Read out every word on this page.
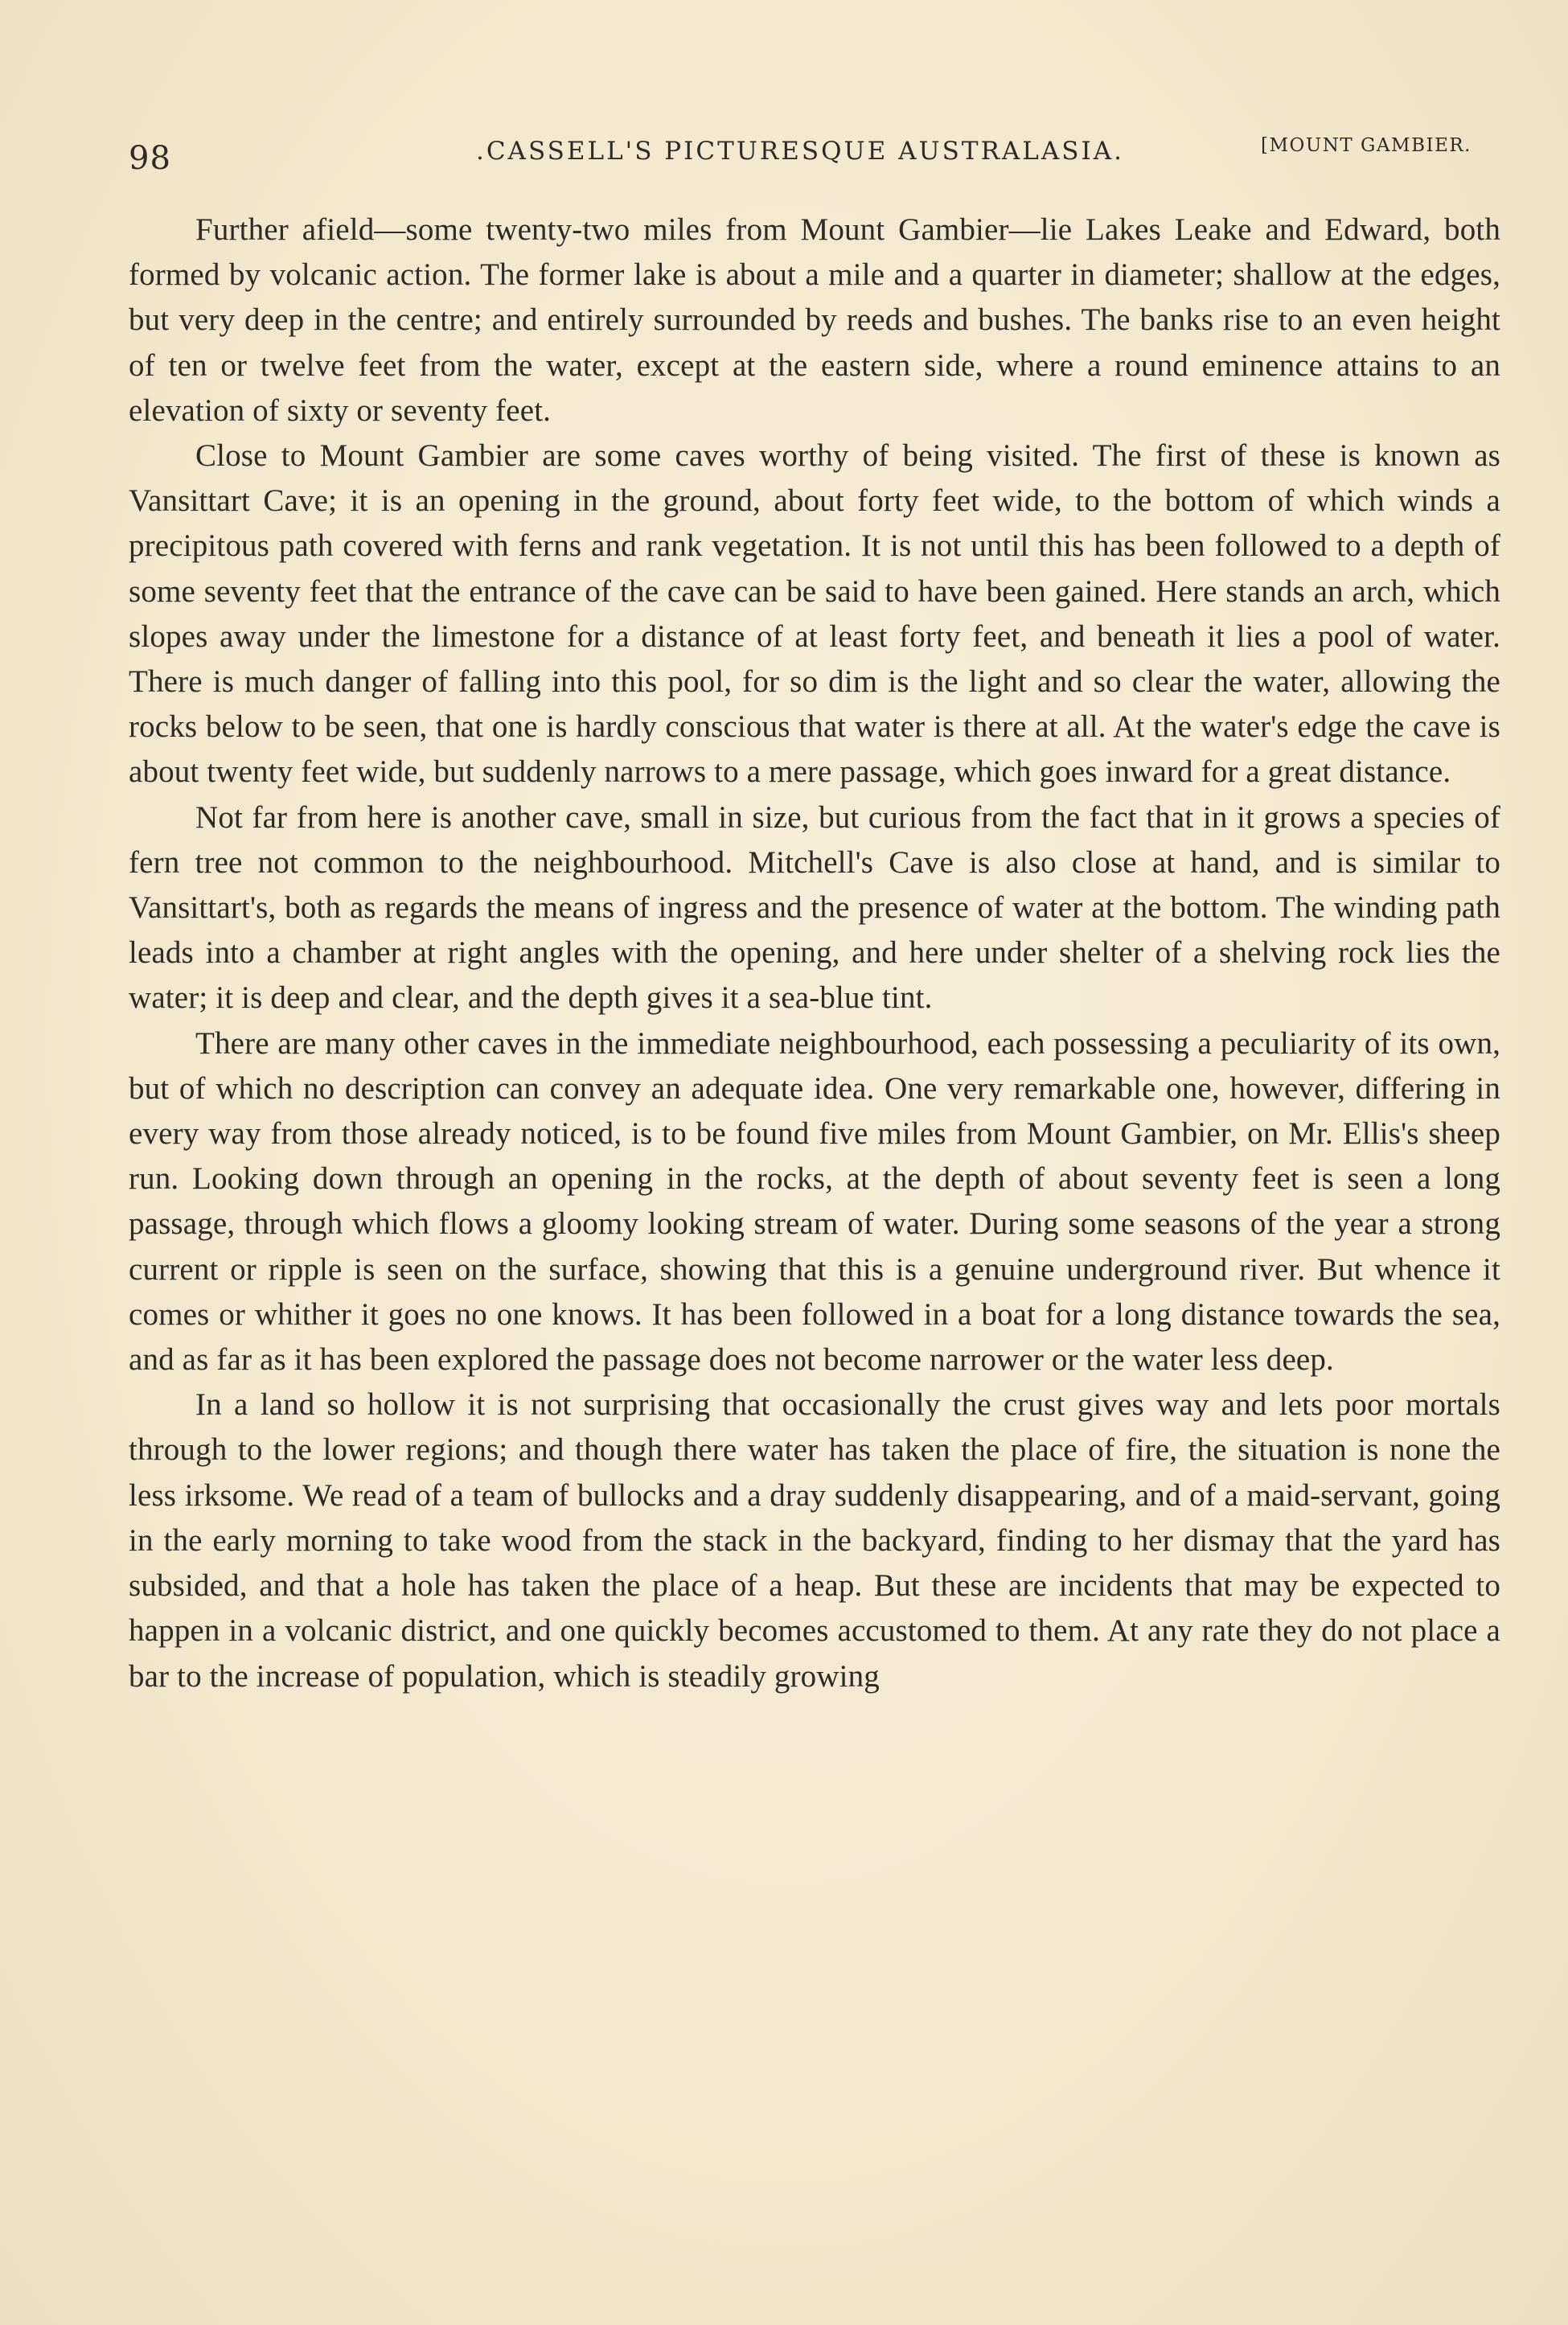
98	.CASSELL'S PICTURESQUE AUSTRALASIA.	[MOUNT GAMBIER.

Further afield—some twenty-two miles from Mount Gambier—lie Lakes Leake and Edward, both formed by volcanic action. The former lake is about a mile and a quarter in diameter; shallow at the edges, but very deep in the centre; and entirely surrounded by reeds and bushes. The banks rise to an even height of ten or twelve feet from the water, except at the eastern side, where a round eminence attains to an elevation of sixty or seventy feet.

Close to Mount Gambier are some caves worthy of being visited. The first of these is known as Vansittart Cave; it is an opening in the ground, about forty feet wide, to the bottom of which winds a precipitous path covered with ferns and rank vegetation. It is not until this has been followed to a depth of some seventy feet that the entrance of the cave can be said to have been gained. Here stands an arch, which slopes away under the limestone for a distance of at least forty feet, and beneath it lies a pool of water. There is much danger of falling into this pool, for so dim is the light and so clear the water, allowing the rocks below to be seen, that one is hardly conscious that water is there at all. At the water's edge the cave is about twenty feet wide, but suddenly narrows to a mere passage, which goes inward for a great distance.

Not far from here is another cave, small in size, but curious from the fact that in it grows a species of fern tree not common to the neighbourhood. Mitchell's Cave is also close at hand, and is similar to Vansittart's, both as regards the means of ingress and the presence of water at the bottom. The winding path leads into a chamber at right angles with the opening, and here under shelter of a shelving rock lies the water; it is deep and clear, and the depth gives it a sea-blue tint.

There are many other caves in the immediate neighbourhood, each possessing a peculiarity of its own, but of which no description can convey an adequate idea. One very remarkable one, however, differing in every way from those already noticed, is to be found five miles from Mount Gambier, on Mr. Ellis's sheep run. Looking down through an opening in the rocks, at the depth of about seventy feet is seen a long passage, through which flows a gloomy looking stream of water. During some seasons of the year a strong current or ripple is seen on the surface, showing that this is a genuine underground river. But whence it comes or whither it goes no one knows. It has been followed in a boat for a long distance towards the sea, and as far as it has been explored the passage does not become narrower or the water less deep.

In a land so hollow it is not surprising that occasionally the crust gives way and lets poor mortals through to the lower regions; and though there water has taken the place of fire, the situation is none the less irksome. We read of a team of bullocks and a dray suddenly disappearing, and of a maid-servant, going in the early morning to take wood from the stack in the backyard, finding to her dismay that the yard has subsided, and that a hole has taken the place of a heap. But these are incidents that may be expected to happen in a volcanic district, and one quickly becomes accustomed to them. At any rate they do not place a bar to the increase of population, which is steadily growing
